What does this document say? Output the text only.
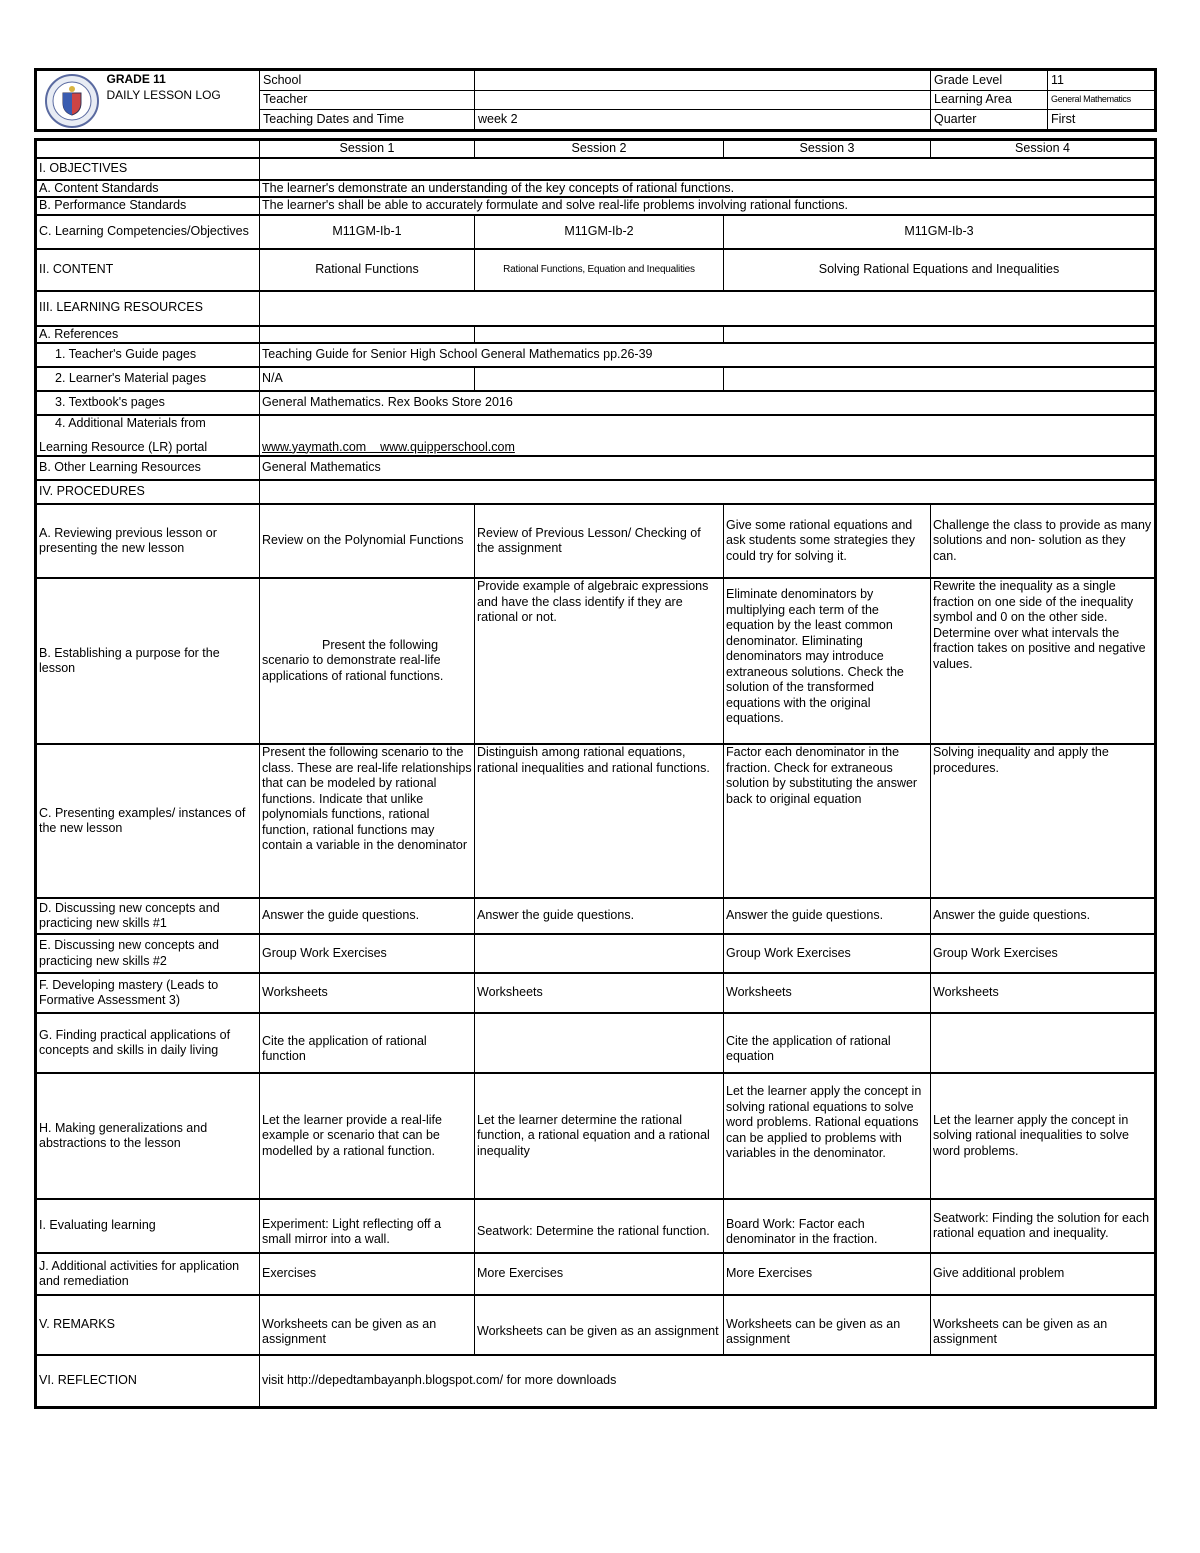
GRADE 11
DAILY LESSON LOG	School		Grade Level	11
		Teacher		Learning Area	General Mathematics
		Teaching Dates and Time	week 2	Quarter	First
	Session 1	Session 2	Session 3	Session 4
I. OBJECTIVES				
A. Content Standards	The learner's demonstrate an understanding of the key concepts of rational functions.			
B. Performance Standards	The learner's shall be able to accurately formulate and solve real-life problems involving rational functions.			
C. Learning Competencies/Objectives	M11GM-Ib-1	M11GM-Ib-2	M11GM-Ib-3	
II. CONTENT	Rational Functions	Rational Functions, Equation and Inequalities	Solving Rational Equations and Inequalities	
III. LEARNING RESOURCES				
A. References				
1. Teacher's Guide pages	Teaching Guide for Senior High School General Mathematics pp.26-39			
2. Learner's Material pages	N/A			
3. Textbook's pages	General Mathematics. Rex Books Store 2016			

4. Additional Materials from
Learning Resource (LR) portal	www.yaymath.com    www.quipperschool.com			
B. Other Learning Resources	General Mathematics			
IV. PROCEDURES				
A. Reviewing previous lesson or presenting the new lesson	Review on the Polynomial Functions	Review of Previous Lesson/ Checking of the assignment	Give some rational equations and ask students some strategies they could try for solving it.	Challenge the class to provide as many solutions and non- solution as they can.
B. Establishing a purpose for the lesson	Present the following scenario to demonstrate real-life applications of rational functions.	Provide example of algebraic expressions and have the class identify if they are rational or not.	Eliminate denominators by multiplying each term of the equation by the least common denominator. Eliminating denominators may introduce extraneous solutions. Check the solution of the transformed equations with the original equations.	Rewrite the inequality as a single fraction on one side of the inequality symbol and 0 on the other side. Determine over what intervals the fraction takes on positive and negative values.
C. Presenting examples/ instances of the new lesson	Present the following scenario to the class. These are real-life relationships that can be modeled by rational functions. Indicate that unlike polynomials functions, rational function, rational functions may contain a variable in the denominator	Distinguish among rational equations, rational inequalities and rational functions.	Factor each denominator in the fraction. Check for extraneous solution by substituting the answer back to original equation	Solving inequality and apply the procedures.
D. Discussing new concepts and practicing new skills #1	Answer the guide questions.	Answer the guide questions.	Answer the guide questions.	Answer the guide questions.
E. Discussing new concepts and practicing new skills #2	Group Work Exercises		Group Work Exercises	Group Work Exercises
F. Developing mastery (Leads to Formative Assessment 3)	Worksheets	Worksheets	Worksheets	Worksheets
G. Finding practical applications of concepts and skills in daily living	Cite the application of rational function		Cite the application of rational equation	
H. Making generalizations and abstractions to the lesson	Let the learner provide a real-life example or scenario that can be modelled by a rational function.	Let the learner determine the rational function, a rational equation and a rational inequality	Let the learner apply the concept in solving rational equations to solve word problems. Rational equations can be applied to problems with variables in the denominator.	Let the learner apply the concept in solving rational inequalities to solve word problems.
I. Evaluating learning	Experiment: Light reflecting off a small mirror into a wall.	Seatwork: Determine the rational function.	Board Work: Factor each denominator in the fraction.	Seatwork: Finding the solution for each rational equation and inequality.
J. Additional activities for application and remediation	Exercises	More Exercises	More Exercises	Give additional problem
V. REMARKS	Worksheets can be given as an assignment	Worksheets can be given as an assignment	Worksheets can be given as an assignment	Worksheets can be given as an assignment
VI. REFLECTION	visit http://depedtambayanph.blogspot.com/ for more downloads			
